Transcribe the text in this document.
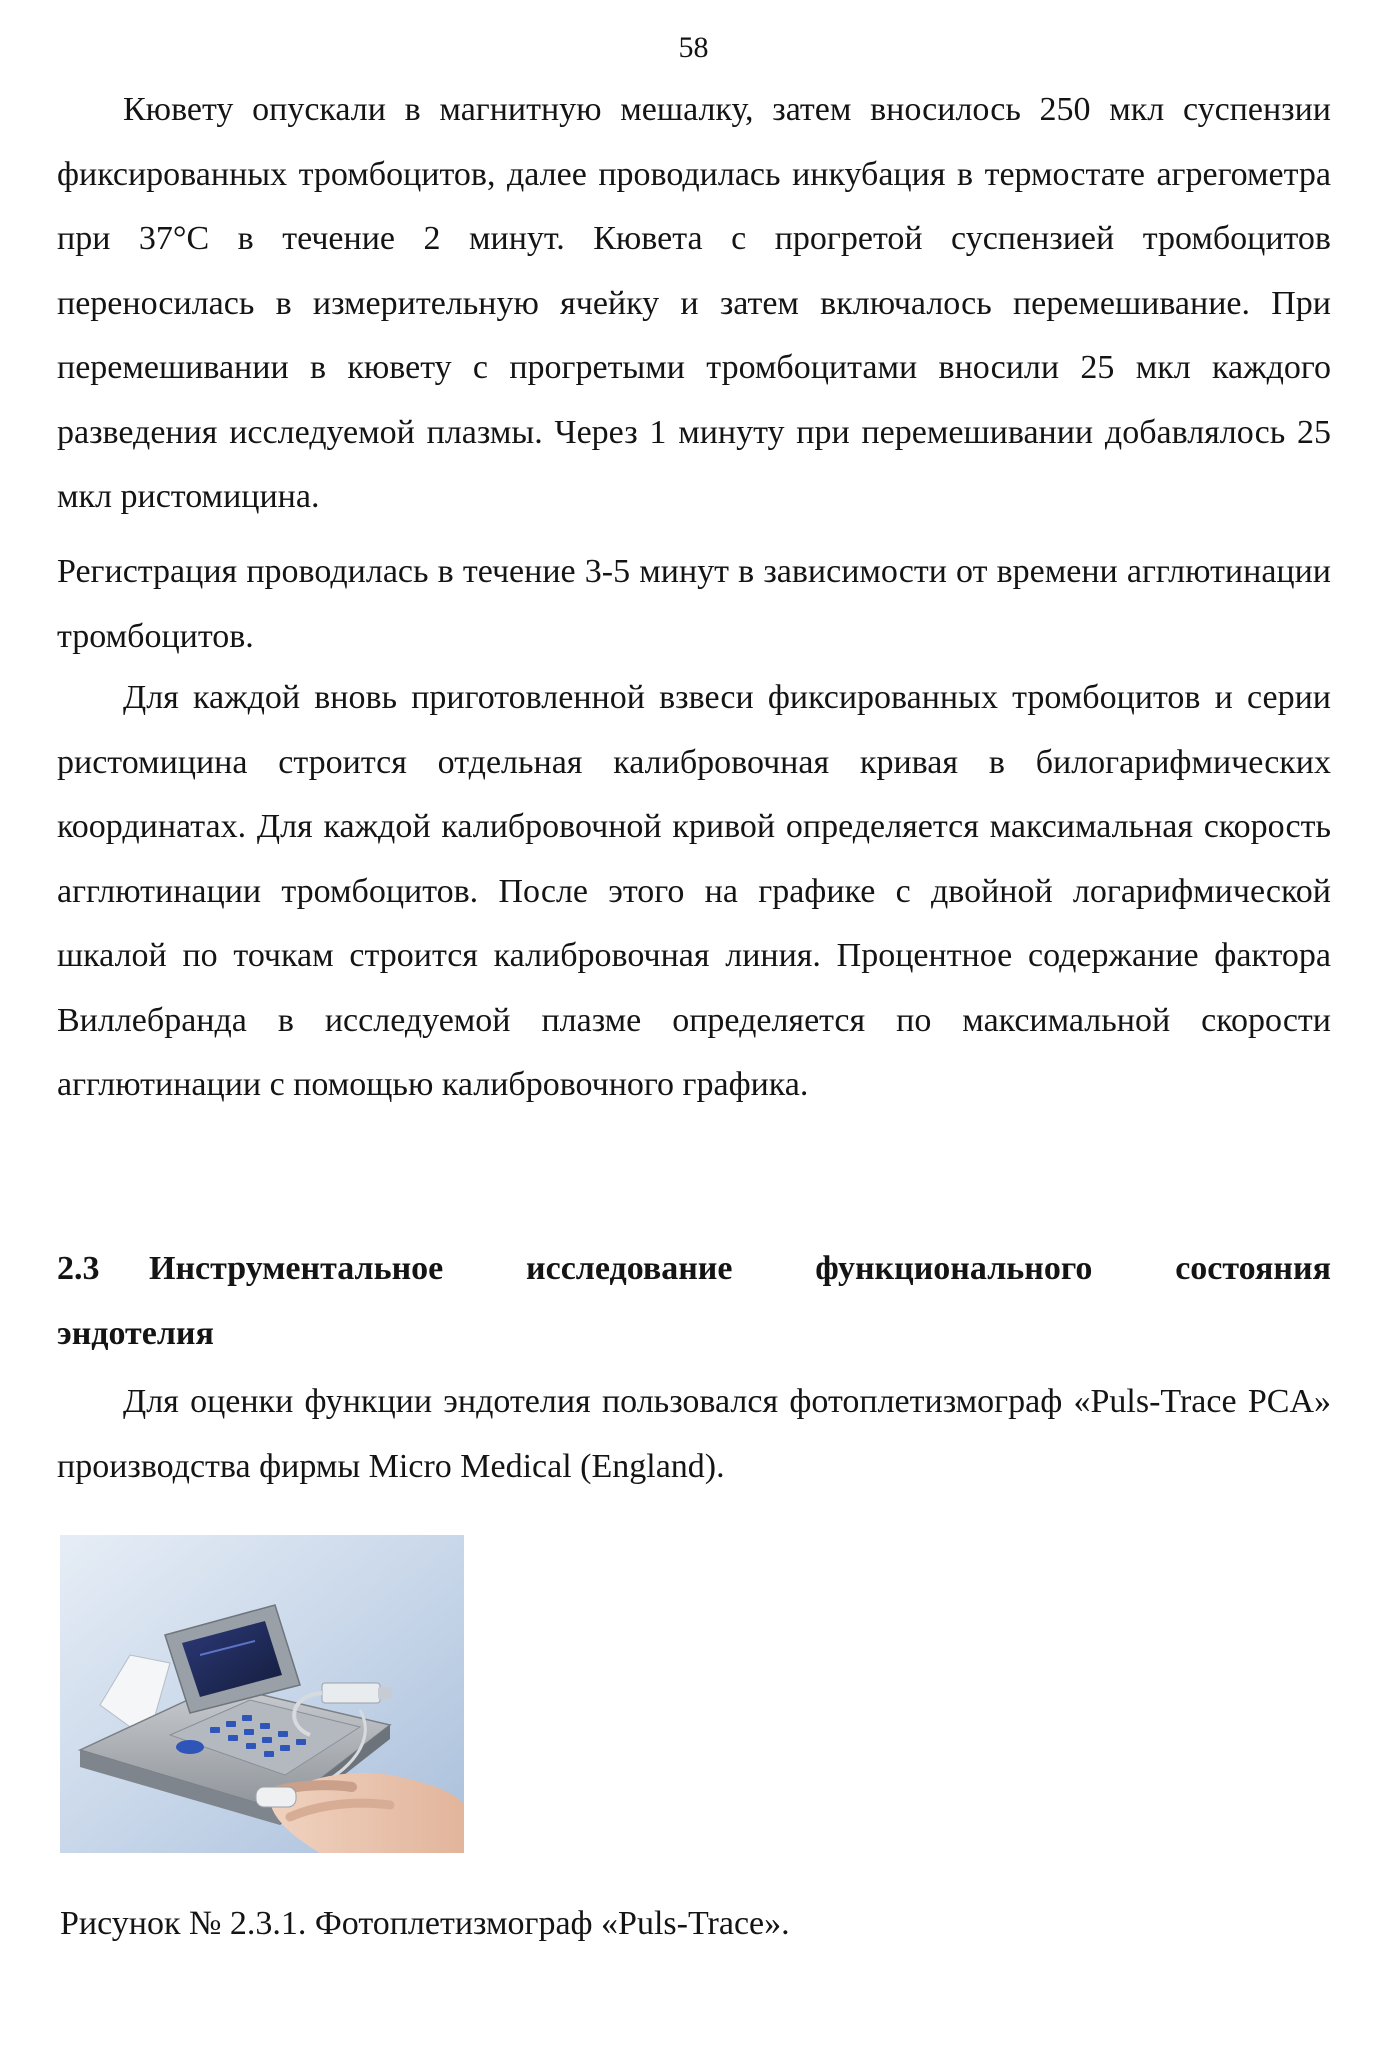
58

Кювету опускали в магнитную мешалку, затем вносилось 250 мкл суспензии фиксированных тромбоцитов, далее проводилась инкубация в термостате агрегометра при 37°С в течение 2 минут. Кювета с прогретой суспензией тромбоцитов переносилась в измерительную ячейку и затем включалось перемешивание. При перемешивании в кювету с прогретыми тромбоцитами вносили 25 мкл каждого разведения исследуемой плазмы. Через 1 минуту при перемешивании добавлялось 25 мкл ристомицина.

Регистрация проводилась в течение 3-5 минут в зависимости от времени агглютинации тромбоцитов.

Для каждой вновь приготовленной взвеси фиксированных тромбоцитов и серии ристомицина строится отдельная калибровочная кривая в билогарифмических координатах. Для каждой калибровочной кривой определяется максимальная скорость агглютинации тромбоцитов. После этого на графике с двойной логарифмической шкалой по точкам строится калибровочная линия. Процентное содержание фактора Виллебранда в исследуемой плазме определяется по максимальной скорости агглютинации с помощью калибровочного графика.

2.3	Инструментальное исследование функционального состояния
эндотелия

Для оценки функции эндотелия пользовался фотоплетизмограф «Puls-Trace PCA» производства фирмы Micro Medical (England).

Рисунок № 2.3.1. Фотоплетизмограф «Puls-Trace».
